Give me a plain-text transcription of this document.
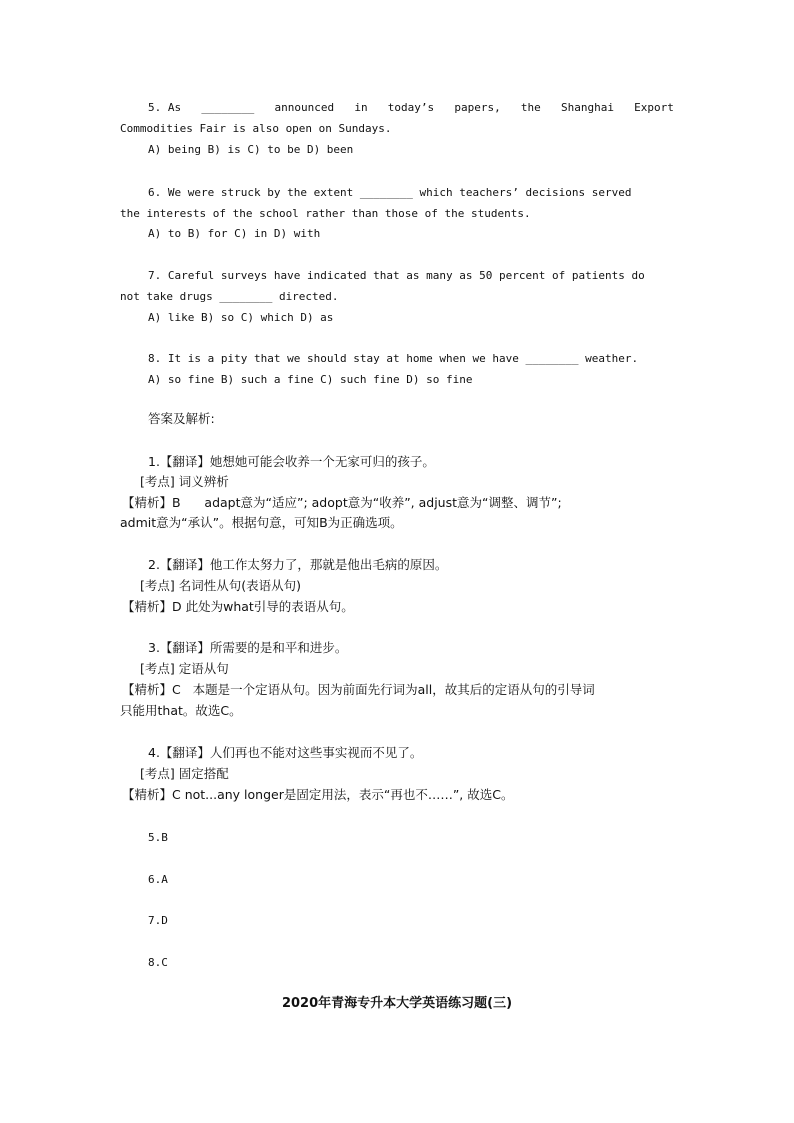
5. As ________ announced in today’s papers, the Shanghai Export
Commodities Fair is also open on Sundays.
A) being B) is C) to be D) been
6. We were struck by the extent ________ which teachers’ decisions served
the interests of the school rather than those of the students.
A) to B) for C) in D) with
7. Careful surveys have indicated that as many as 50 percent of patients do
not take drugs ________ directed.
A) like B) so C) which D) as
8. It is a pity that we should stay at home when we have ________ weather.
A) so fine B) such a fine C) such fine D) so fine
答案及解析:
1.【翻译】她想她可能会收养一个无家可归的孩子。
[考点] 词义辨析
【精析】B      adapt意为“适应”; adopt意为“收养”, adjust意为“调整、调节”;
admit意为“承认”。根据句意，可知B为正确选项。
2.【翻译】他工作太努力了，那就是他出毛病的原因。
[考点] 名词性从句(表语从句)
【精析】D 此处为what引导的表语从句。
3.【翻译】所需要的是和平和进步。
[考点] 定语从句
【精析】C   本题是一个定语从句。因为前面先行词为all，故其后的定语从句的引导词
只能用that。故选C。
4.【翻译】人们再也不能对这些事实视而不见了。
[考点] 固定搭配
【精析】C not...any longer是固定用法，表示“再也不……”, 故选C。
5.B
6.A
7.D
8.C
2020年青海专升本大学英语练习题(三)
